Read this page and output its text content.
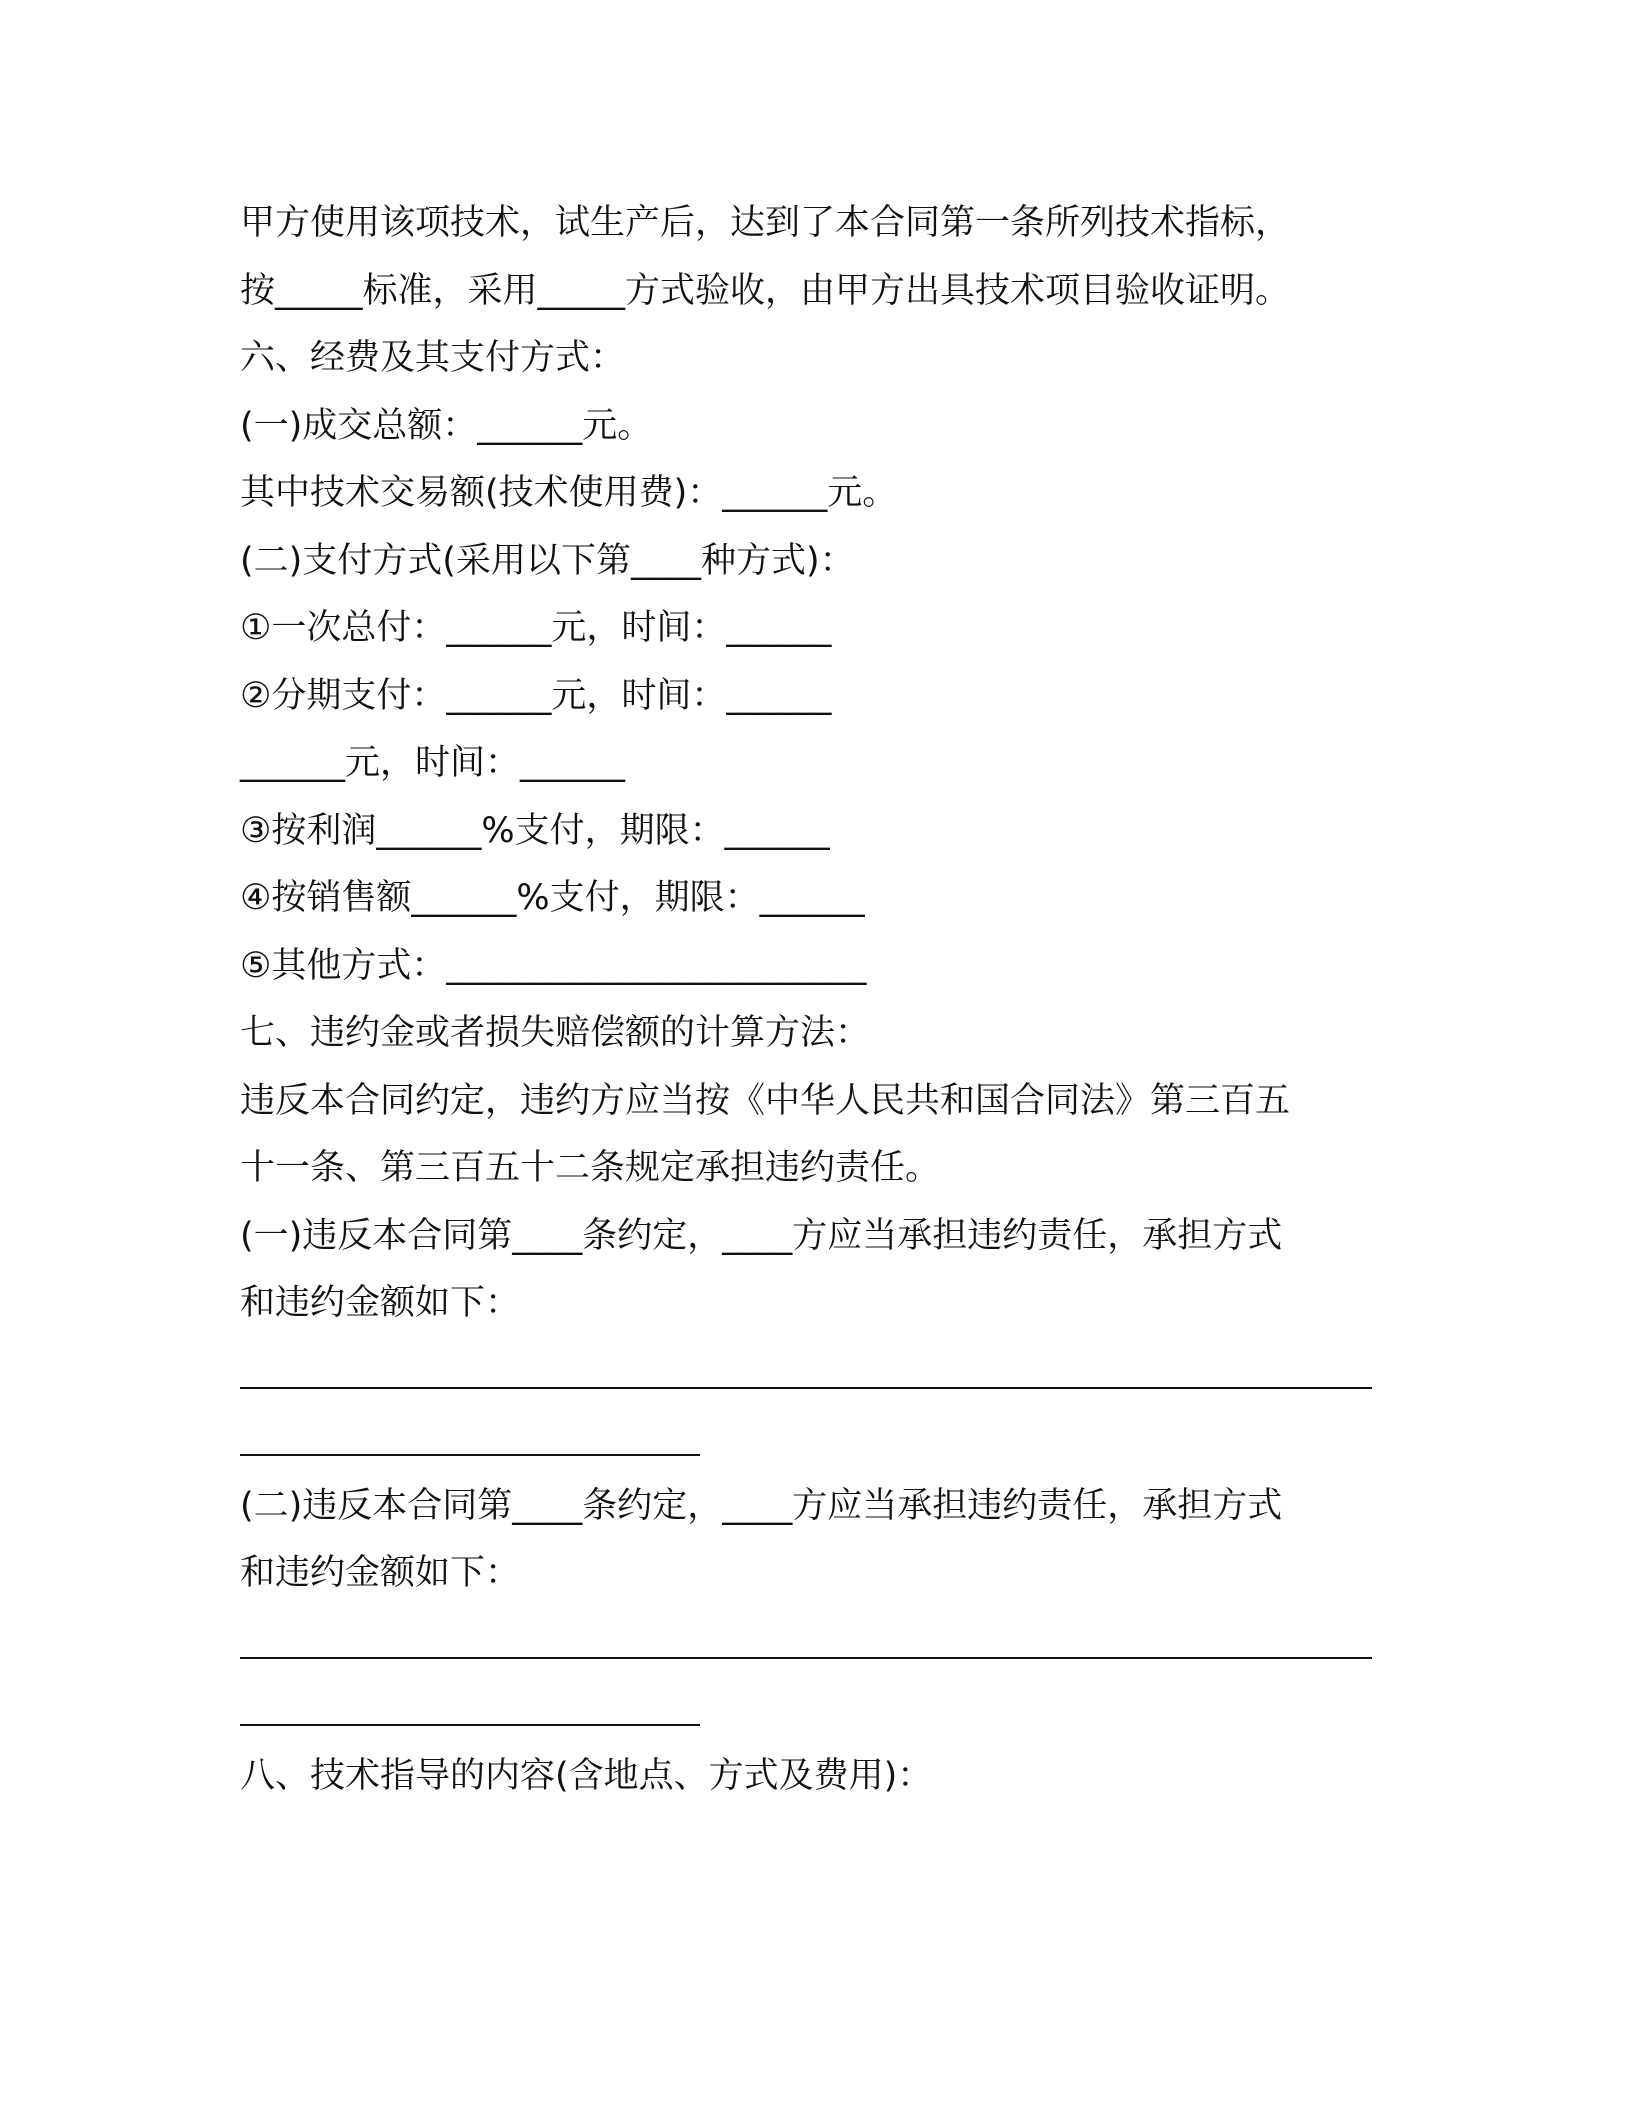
甲方使用该项技术，试生产后，达到了本合同第一条所列技术指标，
按_____标准，采用_____方式验收，由甲方出具技术项目验收证明。
六、经费及其支付方式：
(一)成交总额：______元。
其中技术交易额(技术使用费)：______元。
(二)支付方式(采用以下第____种方式)：
①一次总付：______元，时间：______
②分期支付：______元，时间：______
______元，时间：______
③按利润______%支付，期限：______
④按销售额______%支付，期限：______
⑤其他方式：________________________
七、违约金或者损失赔偿额的计算方法：
违反本合同约定，违约方应当按《中华人民共和国合同法》第三百五
十一条、第三百五十二条规定承担违约责任。
(一)违反本合同第____条约定，____方应当承担违约责任，承担方式
和违约金额如下：
(二)违反本合同第____条约定，____方应当承担违约责任，承担方式
和违约金额如下：
八、技术指导的内容(含地点、方式及费用)：
